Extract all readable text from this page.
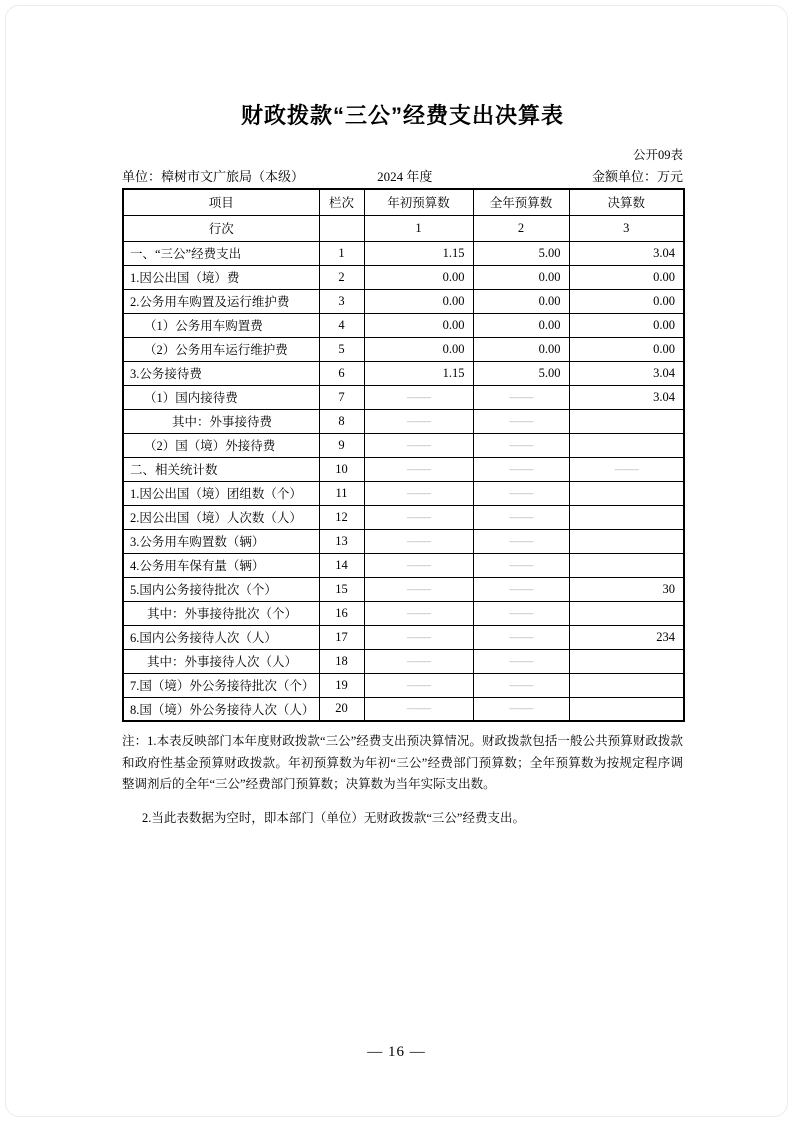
财政拨款“三公”经费支出决算表
公开09表
单位：樟树市文广旅局（本级）	2024 年度	金额单位：万元
项目	栏次	年初预算数	全年预算数	决算数
行次		1	2	3
一、“三公”经费支出	1	1.15	5.00	3.04
1.因公出国（境）费	2	0.00	0.00	0.00
2.公务用车购置及运行维护费	3	0.00	0.00	0.00
（1）公务用车购置费	4	0.00	0.00	0.00
（2）公务用车运行维护费	5	0.00	0.00	0.00
3.公务接待费	6	1.15	5.00	3.04
（1）国内接待费	7	——	——	3.04
其中：外事接待费	8	——	——	
（2）国（境）外接待费	9	——	——	
二、相关统计数	10	——	——	——
1.因公出国（境）团组数（个）	11	——	——	
2.因公出国（境）人次数（人）	12	——	——	
3.公务用车购置数（辆）	13	——	——	
4.公务用车保有量（辆）	14	——	——	
5.国内公务接待批次（个）	15	——	——	30
其中：外事接待批次（个）	16	——	——	
6.国内公务接待人次（人）	17	——	——	234
其中：外事接待人次（人）	18	——	——	
7.国（境）外公务接待批次（个）	19	——	——	
8.国（境）外公务接待人次（人）	20	——	——	
注：1.本表反映部门本年度财政拨款“三公”经费支出预决算情况。财政拨款包括一般公共预算财政拨款和政府性基金预算财政拨款。年初预算数为年初“三公”经费部门预算数；全年预算数为按规定程序调整调剂后的全年“三公”经费部门预算数；决算数为当年实际支出数。
2.当此表数据为空时，即本部门（单位）无财政拨款“三公”经费支出。
— 16 —
